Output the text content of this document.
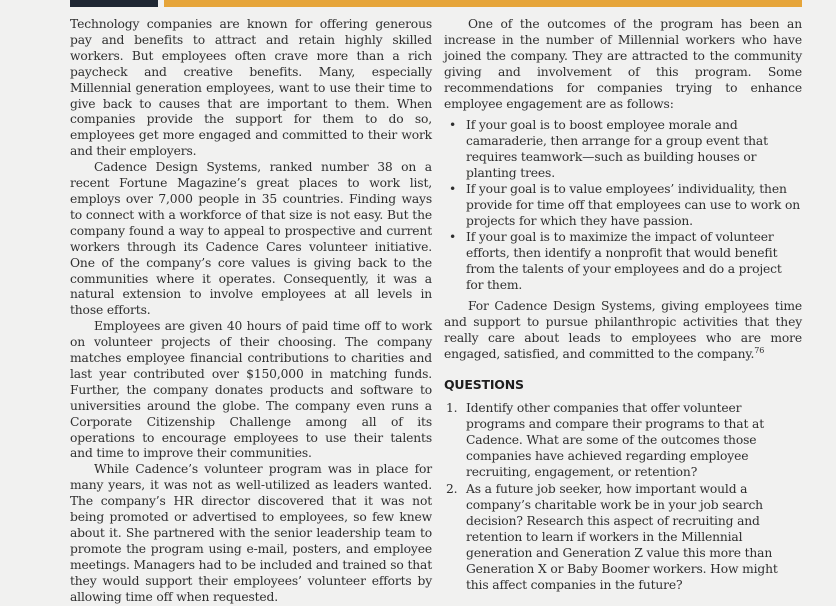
Technology companies are known for offering generous pay and benefits to attract and retain highly skilled workers. But employees often crave more than a rich paycheck and creative benefits. Many, especially Millennial generation employees, want to use their time to give back to causes that are important to them. When companies provide the support for them to do so, employees get more engaged and committed to their work and their employers.

Cadence Design Systems, ranked number 38 on a recent Fortune Magazine’s great places to work list, employs over 7,000 people in 35 countries. Finding ways to connect with a workforce of that size is not easy. But the company found a way to appeal to prospective and current workers through its Cadence Cares volunteer initiative. One of the company’s core values is giving back to the communities where it operates. Consequently, it was a natural extension to involve employees at all levels in those efforts.

Employees are given 40 hours of paid time off to work on volunteer projects of their choosing. The company matches employee financial contributions to charities and last year contributed over $150,000 in matching funds. Further, the company donates products and software to universities around the globe. The company even runs a Corporate Citizenship Challenge among all of its operations to encourage employees to use their talents and time to improve their communities.

While Cadence’s volunteer program was in place for many years, it was not as well-utilized as leaders wanted. The company’s HR director discovered that it was not being promoted or advertised to employees, so few knew about it. She partnered with the senior leadership team to promote the program using e-mail, posters, and employee meetings. Managers had to be included and trained so that they would support their employees’ volunteer efforts by allowing time off when requested.

One of the outcomes of the program has been an increase in the number of Millennial workers who have joined the company. They are attracted to the community giving and involvement of this program. Some recommendations for companies trying to enhance employee engagement are as follows:

• If your goal is to boost employee morale and camaraderie, then arrange for a group event that requires teamwork—such as building houses or planting trees.
• If your goal is to value employees’ individuality, then provide for time off that employees can use to work on projects for which they have passion.
• If your goal is to maximize the impact of volunteer efforts, then identify a nonprofit that would benefit from the talents of your employees and do a project for them.

For Cadence Design Systems, giving employees time and support to pursue philanthropic activities that they really care about leads to employees who are more engaged, satisfied, and committed to the company.$^{76}$

QUESTIONS
1. Identify other companies that offer volunteer programs and compare their programs to that at Cadence. What are some of the outcomes those companies have achieved regarding employee recruiting, engagement, or retention?
2. As a future job seeker, how important would a company’s charitable work be in your job search decision? Research this aspect of recruiting and retention to learn if workers in the Millennial generation and Generation Z value this more than Generation X or Baby Boomer workers. How might this affect companies in the future?
